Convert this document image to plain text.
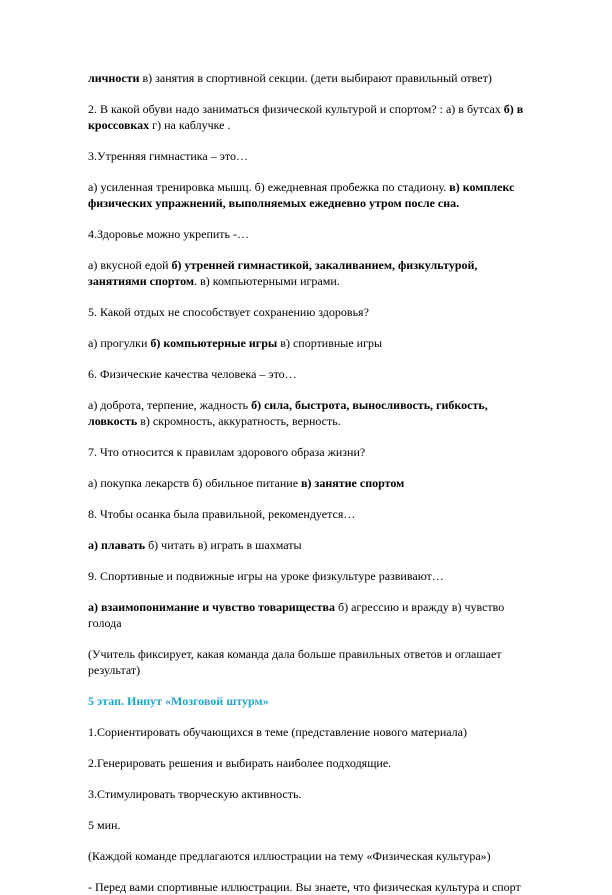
личности в) занятия в спортивной секции. (дети выбирают правильный ответ)

2. В какой обуви надо заниматься физической культурой и спортом? : а) в бутсах б) в кроссовках г) на каблучке .

3.Утренняя гимнастика – это…

а) усиленная тренировка мышц. б) ежедневная пробежка по стадиону. в) комплекс физических упражнений, выполняемых ежедневно утром после сна.

4.Здоровье можно укрепить -…

а) вкусной едой б) утренней гимнастикой, закаливанием, физкультурой, занятиями спортом. в) компьютерными играми.

5. Какой отдых не способствует сохранению здоровья?

а) прогулки б) компьютерные игры в) спортивные игры

6. Физические качества человека – это…

а) доброта, терпение, жадность б) сила, быстрота, выносливость, гибкость, ловкость в) скромность, аккуратность, верность.

7. Что относится к правилам здорового образа жизни?

а) покупка лекарств б) обильное питание в) занятие спортом

8. Чтобы осанка была правильной, рекомендуется…

а) плавать б) читать в) играть в шахматы

9. Спортивные и подвижные игры на уроке физкультуре развивают…

а) взаимопонимание и чувство товарищества б) агрессию и вражду в) чувство голода

(Учитель фиксирует, какая команда дала больше правильных ответов и оглашает результат)

5 этап. Инпут «Мозговой штурм»

1.Сориентировать обучающихся в теме (представление нового материала)

2.Генерировать решения и выбирать наиболее подходящие.

3.Стимулировать творческую активность.

5 мин.

(Каждой команде предлагаются иллюстрации на тему «Физическая культура»)

- Перед вами спортивные иллюстрации. Вы знаете, что физическая культура и спорт
